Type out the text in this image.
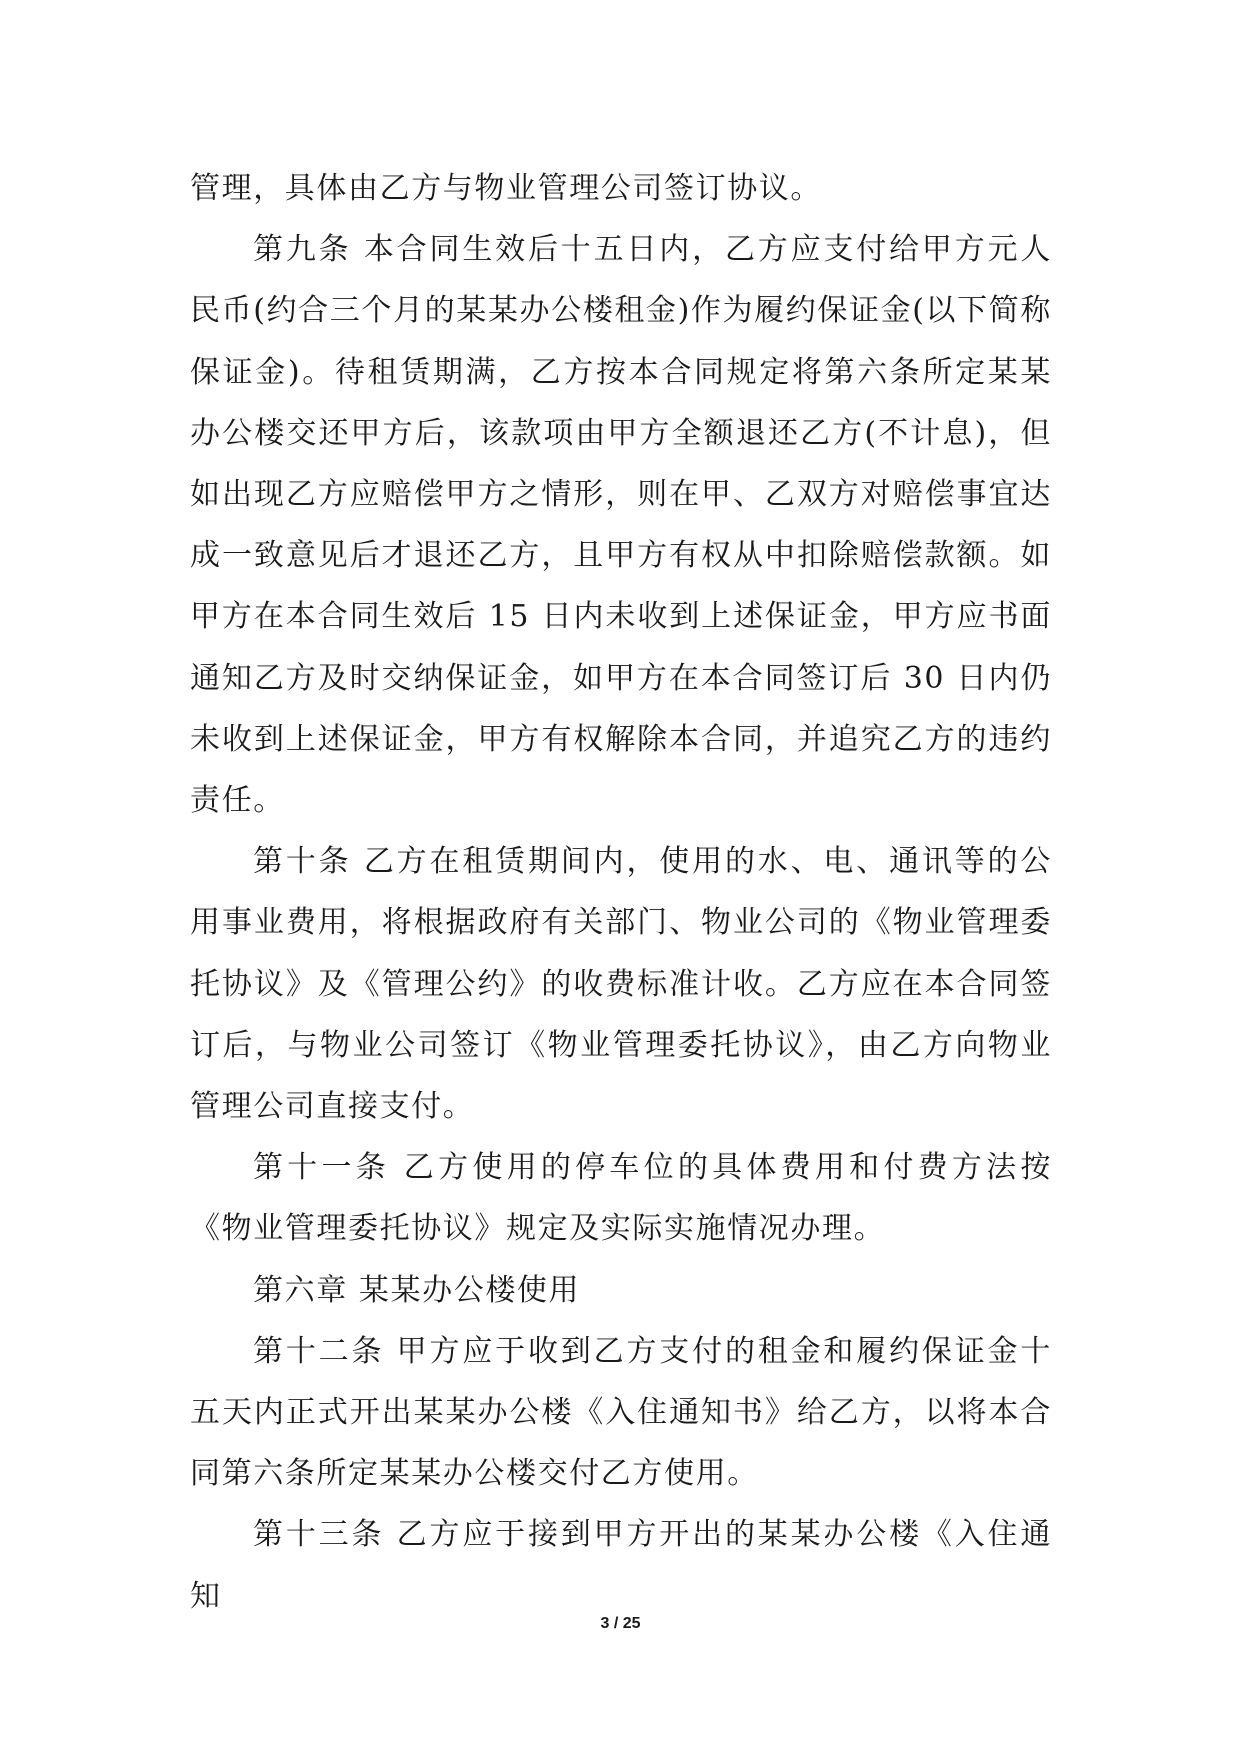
管理，具体由乙方与物业管理公司签订协议。

第九条 本合同生效后十五日内，乙方应支付给甲方元人民币(约合三个月的某某办公楼租金)作为履约保证金(以下简称保证金)。待租赁期满，乙方按本合同规定将第六条所定某某办公楼交还甲方后，该款项由甲方全额退还乙方(不计息)，但如出现乙方应赔偿甲方之情形，则在甲、乙双方对赔偿事宜达成一致意见后才退还乙方，且甲方有权从中扣除赔偿款额。如甲方在本合同生效后 15 日内未收到上述保证金，甲方应书面通知乙方及时交纳保证金，如甲方在本合同签订后 30 日内仍未收到上述保证金，甲方有权解除本合同，并追究乙方的违约责任。

第十条 乙方在租赁期间内，使用的水、电、通讯等的公用事业费用，将根据政府有关部门、物业公司的《物业管理委托协议》及《管理公约》的收费标准计收。乙方应在本合同签订后，与物业公司签订《物业管理委托协议》，由乙方向物业管理公司直接支付。

第十一条 乙方使用的停车位的具体费用和付费方法按《物业管理委托协议》规定及实际实施情况办理。

第六章 某某办公楼使用

第十二条 甲方应于收到乙方支付的租金和履约保证金十五天内正式开出某某办公楼《入住通知书》给乙方，以将本合同第六条所定某某办公楼交付乙方使用。

第十三条 乙方应于接到甲方开出的某某办公楼《入住通知

3 / 25
